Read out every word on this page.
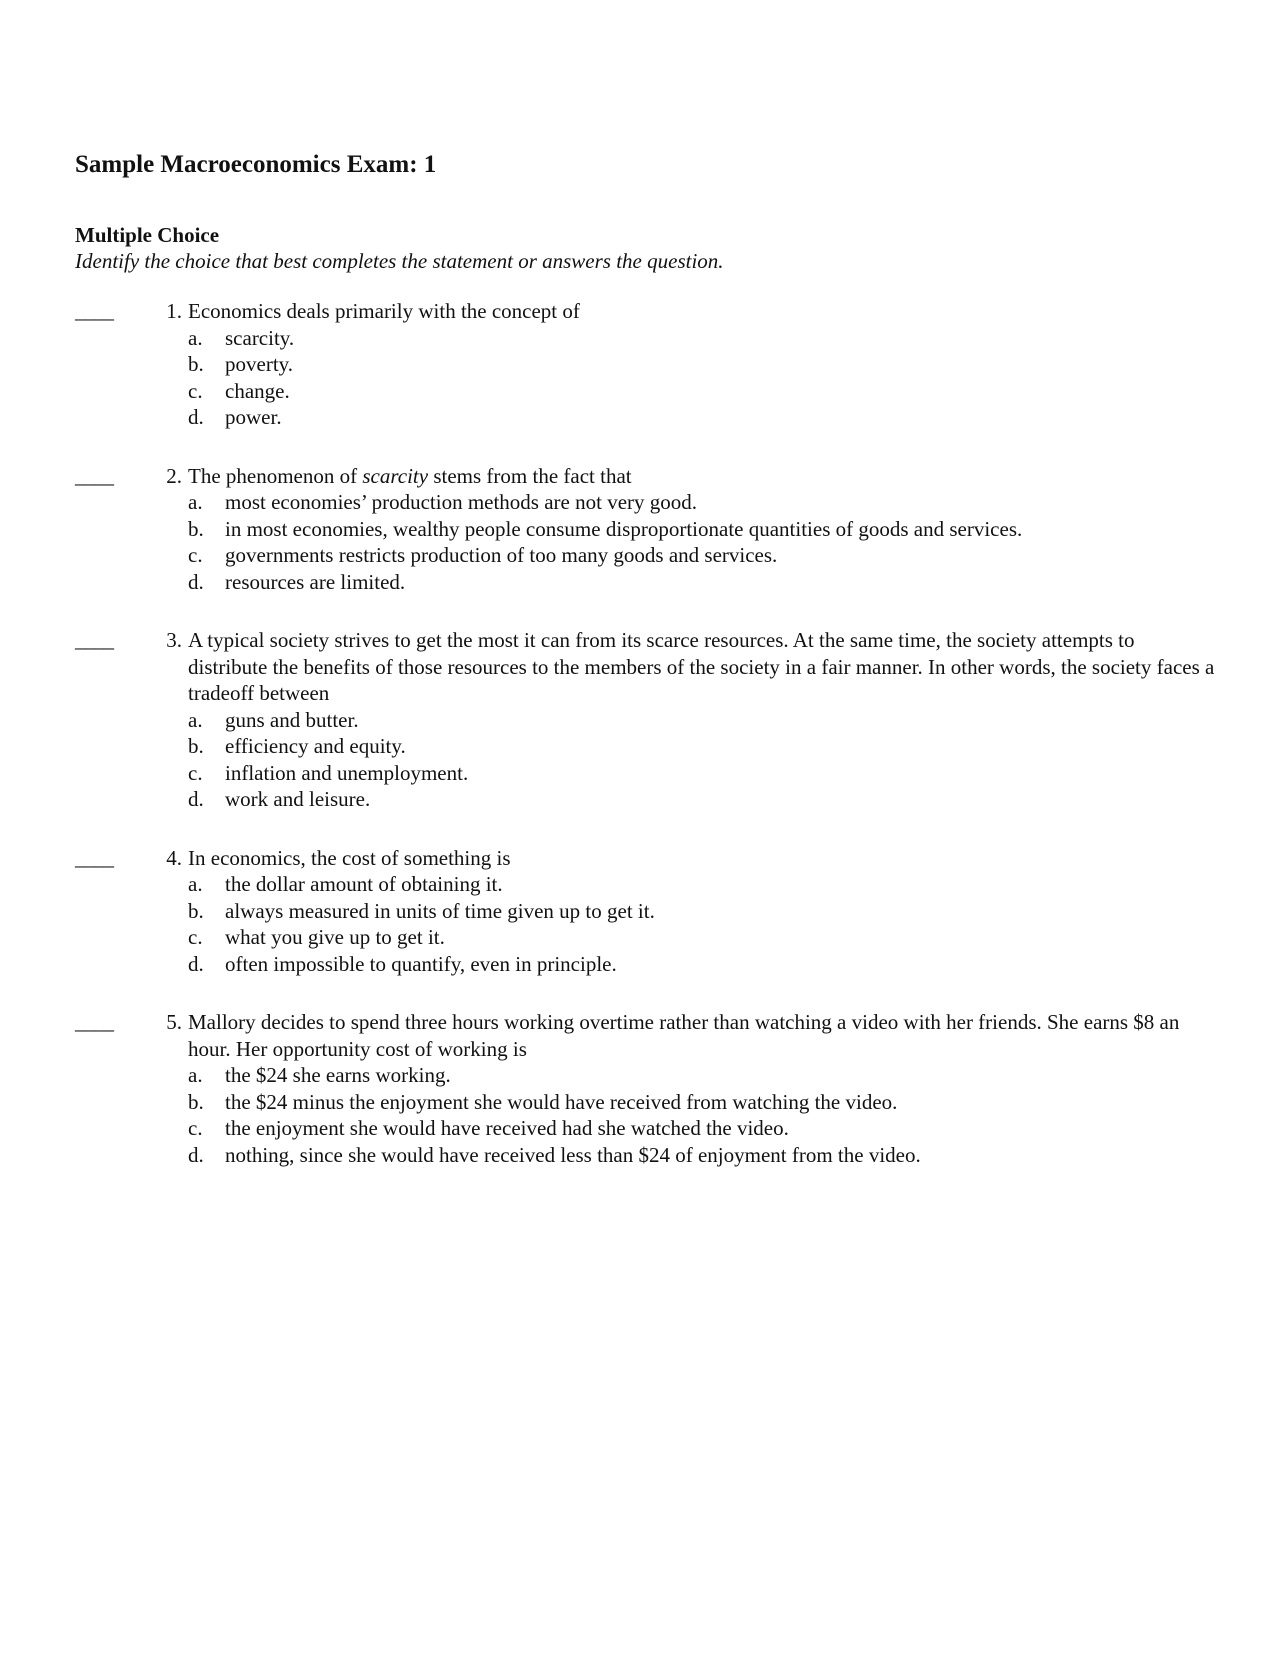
Sample Macroeconomics Exam: 1
Multiple Choice
Identify the choice that best completes the statement or answers the question.
____	1. Economics deals primarily with the concept of
a. scarcity.
b. poverty.
c. change.
d. power.
____	2. The phenomenon of scarcity stems from the fact that
a. most economies’ production methods are not very good.
b. in most economies, wealthy people consume disproportionate quantities of goods and services.
c. governments restricts production of too many goods and services.
d. resources are limited.
____	3. A typical society strives to get the most it can from its scarce resources. At the same time, the society attempts to distribute the benefits of those resources to the members of the society in a fair manner. In other words, the society faces a tradeoff between
a. guns and butter.
b. efficiency and equity.
c. inflation and unemployment.
d. work and leisure.
____	4. In economics, the cost of something is
a. the dollar amount of obtaining it.
b. always measured in units of time given up to get it.
c. what you give up to get it.
d. often impossible to quantify, even in principle.
____	5. Mallory decides to spend three hours working overtime rather than watching a video with her friends. She earns $8 an hour. Her opportunity cost of working is
a. the $24 she earns working.
b. the $24 minus the enjoyment she would have received from watching the video.
c. the enjoyment she would have received had she watched the video.
d. nothing, since she would have received less than $24 of enjoyment from the video.
